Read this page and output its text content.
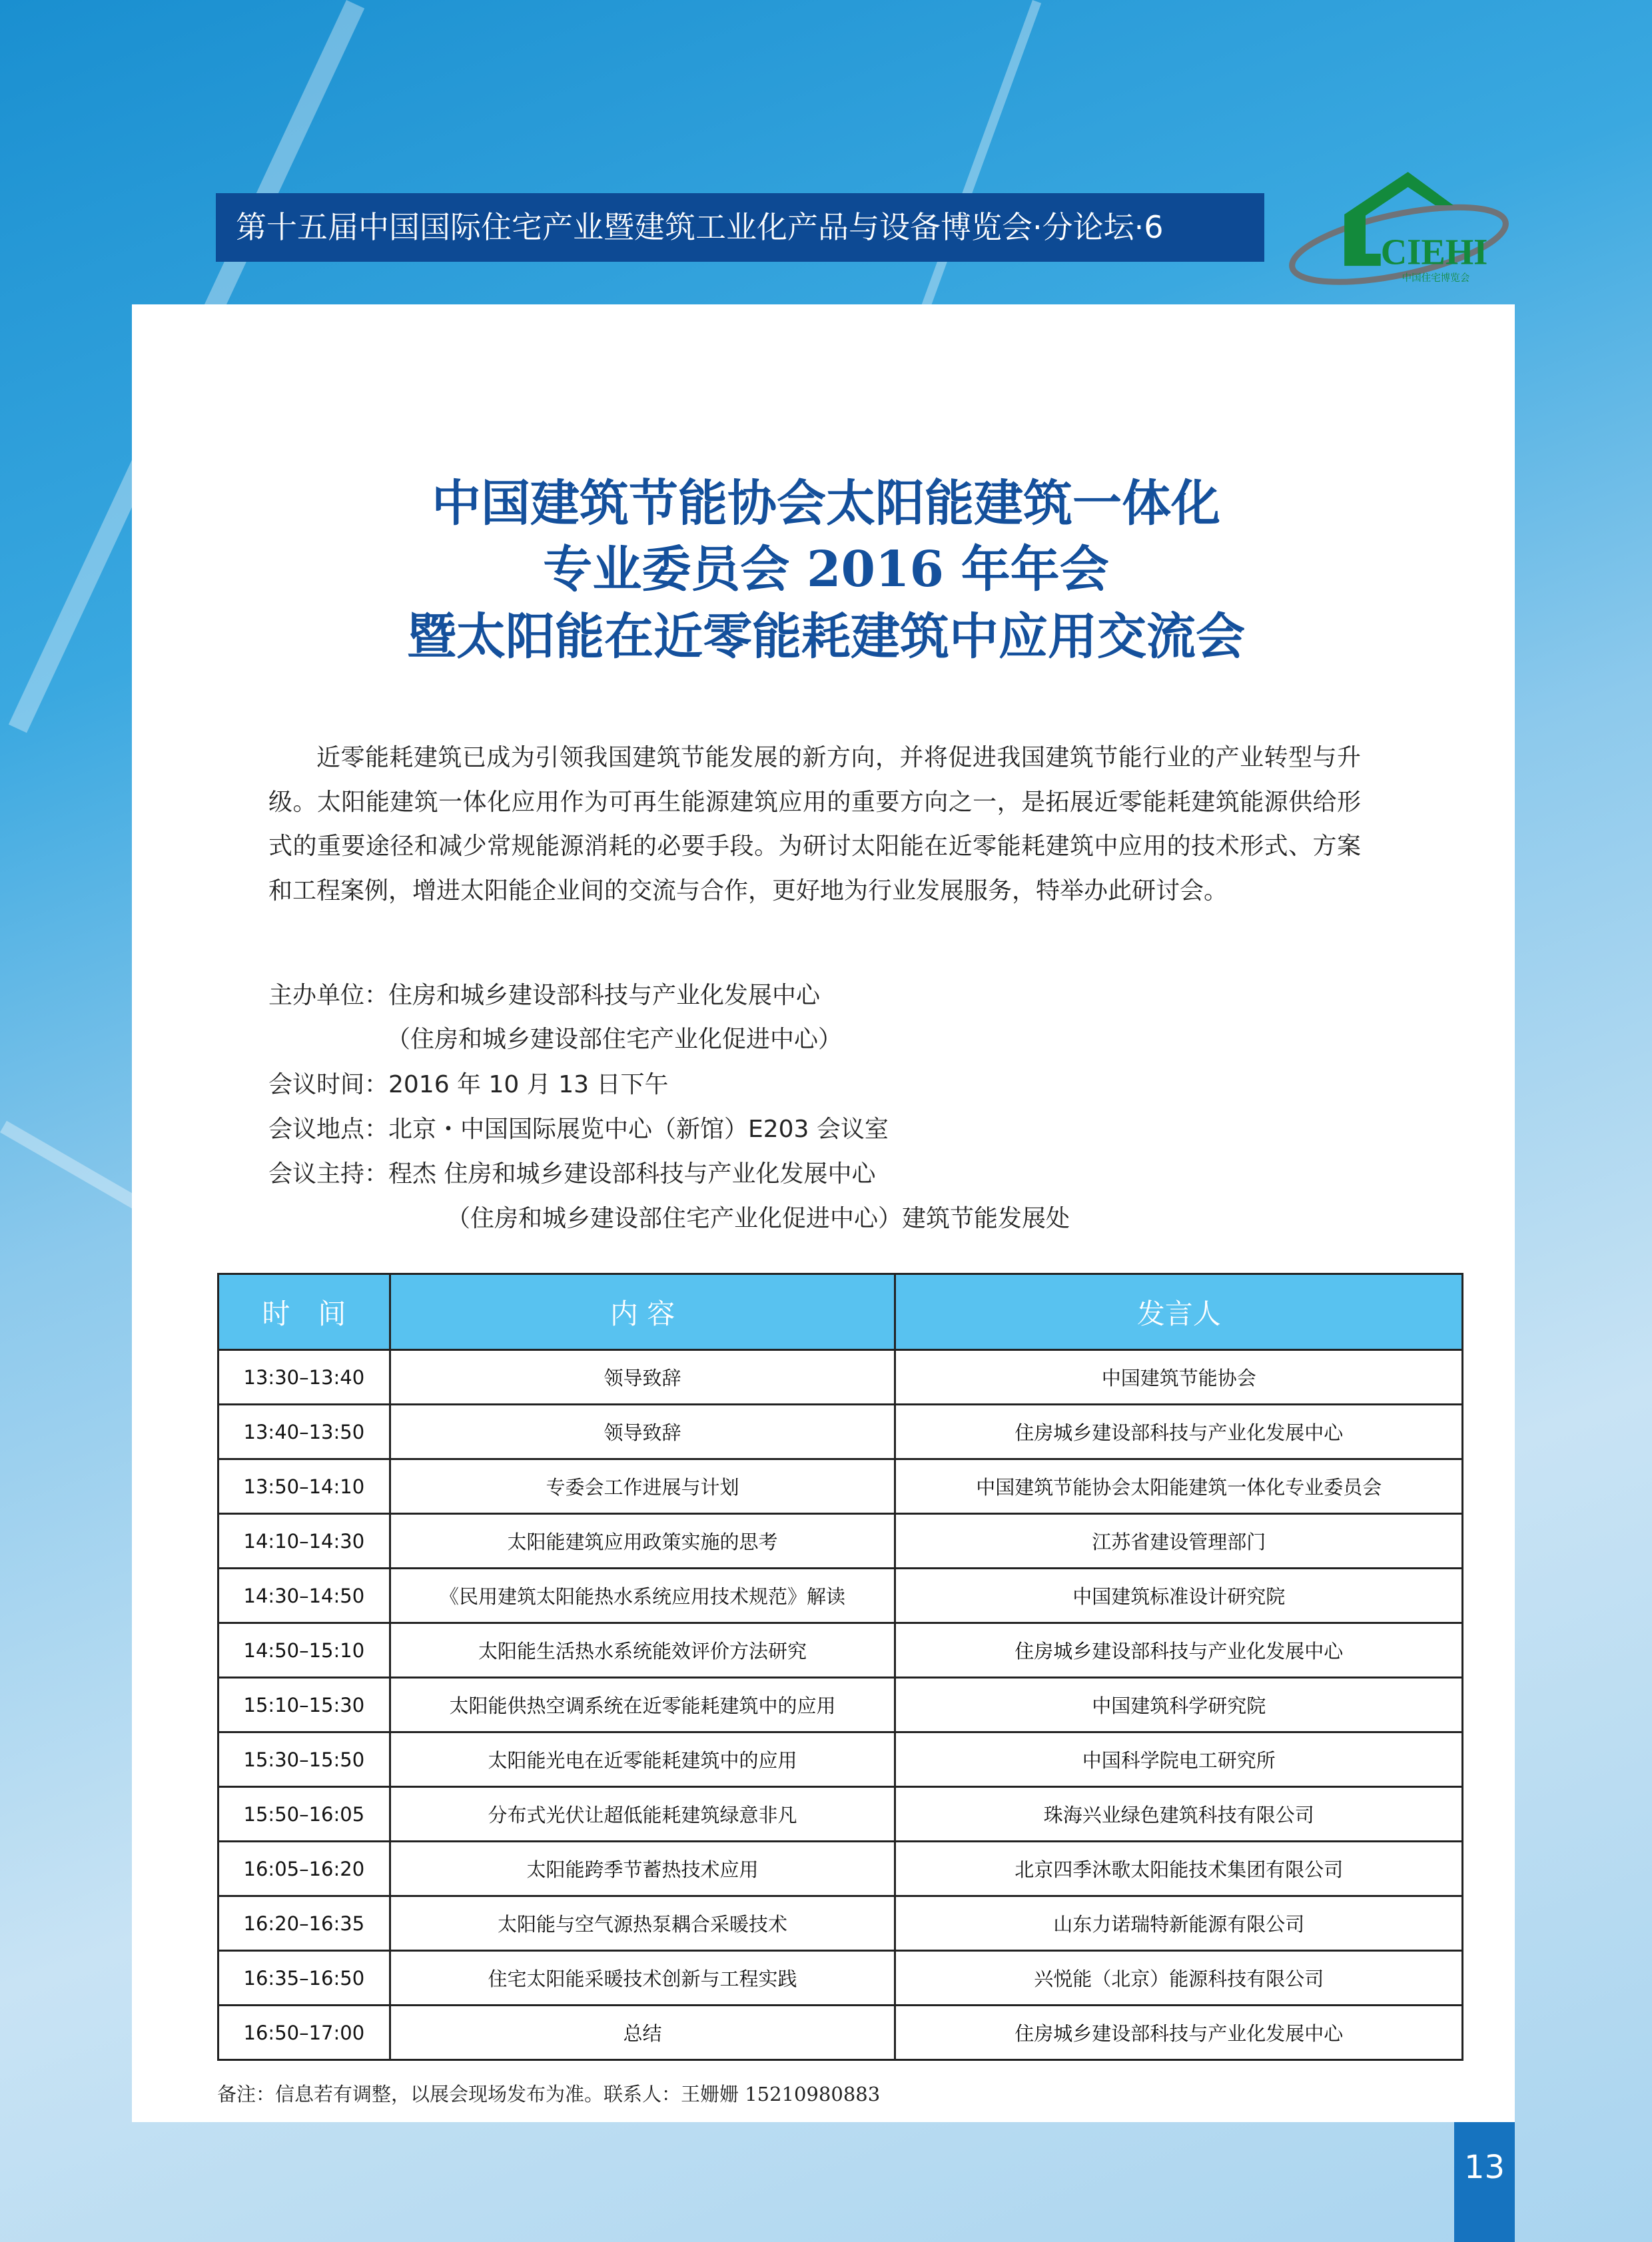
第十五届中国国际住宅产业暨建筑工业化产品与设备博览会·分论坛·6
CIEHI
中国住宅博览会
中国建筑节能协会太阳能建筑一体化
专业委员会 2016 年年会
暨太阳能在近零能耗建筑中应用交流会
近零能耗建筑已成为引领我国建筑节能发展的新方向，并将促进我国建筑节能行业的产业转型与升级。太阳能建筑一体化应用作为可再生能源建筑应用的重要方向之一，是拓展近零能耗建筑能源供给形式的重要途径和减少常规能源消耗的必要手段。为研讨太阳能在近零能耗建筑中应用的技术形式、方案和工程案例，增进太阳能企业间的交流与合作，更好地为行业发展服务，特举办此研讨会。
主办单位：住房和城乡建设部科技与产业化发展中心
（住房和城乡建设部住宅产业化促进中心）
会议时间：2016 年 10 月 13 日下午
会议地点：北京・中国国际展览中心（新馆）E203 会议室
会议主持：程杰 住房和城乡建设部科技与产业化发展中心
（住房和城乡建设部住宅产业化促进中心）建筑节能发展处
时　间	内 容	发言人
13:30–13:40	领导致辞	中国建筑节能协会
13:40–13:50	领导致辞	住房城乡建设部科技与产业化发展中心
13:50–14:10	专委会工作进展与计划	中国建筑节能协会太阳能建筑一体化专业委员会
14:10–14:30	太阳能建筑应用政策实施的思考	江苏省建设管理部门
14:30–14:50	《民用建筑太阳能热水系统应用技术规范》解读	中国建筑标准设计研究院
14:50–15:10	太阳能生活热水系统能效评价方法研究	住房城乡建设部科技与产业化发展中心
15:10–15:30	太阳能供热空调系统在近零能耗建筑中的应用	中国建筑科学研究院
15:30–15:50	太阳能光电在近零能耗建筑中的应用	中国科学院电工研究所
15:50–16:05	分布式光伏让超低能耗建筑绿意非凡	珠海兴业绿色建筑科技有限公司
16:05–16:20	太阳能跨季节蓄热技术应用	北京四季沐歌太阳能技术集团有限公司
16:20–16:35	太阳能与空气源热泵耦合采暖技术	山东力诺瑞特新能源有限公司
16:35–16:50	住宅太阳能采暖技术创新与工程实践	兴悦能（北京）能源科技有限公司
16:50–17:00	总结	住房城乡建设部科技与产业化发展中心
备注：信息若有调整，以展会现场发布为准。联系人：王姗姗 15210980883
13
